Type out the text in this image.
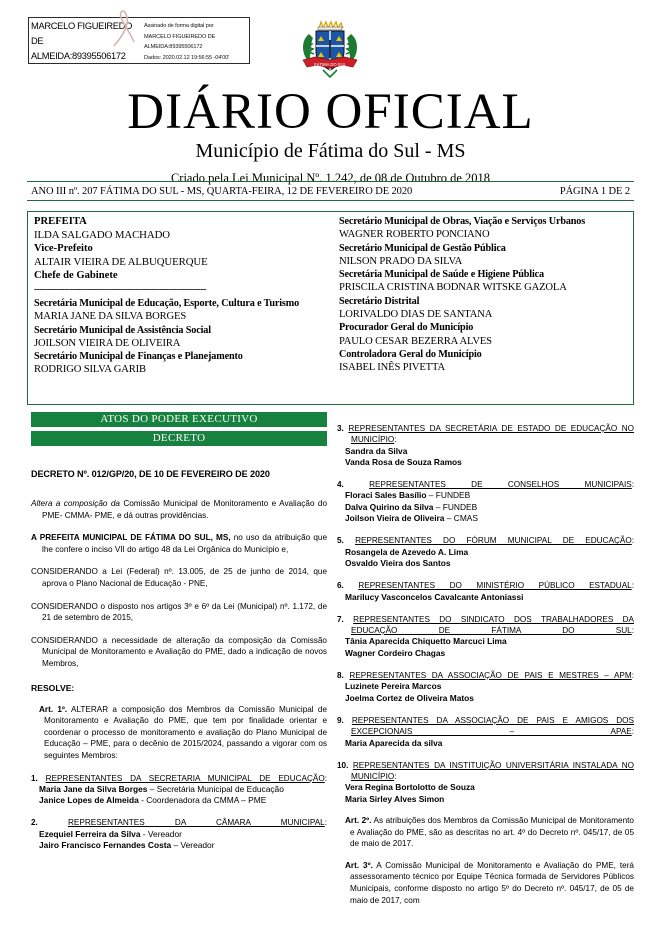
MARCELO FIGUEIREDO DE ALMEIDA:89395506172
Assinado de forma digital por
MARCELO FIGUEIREDO DE
ALMEIDA:89395506172
Dados: 2020.02.12 19:56:55 -04'00'
FÁTIMA DO SUL
DIÁRIO OFICIAL
Município de Fátima do Sul - MS
Criado pela Lei Municipal Nº. 1.242, de 08 de Outubro de 2018
ANO III nº. 207 FÁTIMA DO SUL - MS, QUARTA-FEIRA, 12 DE FEVEREIRO DE 2020	PÁGINA 1 DE 2
PREFEITA
ILDA SALGADO MACHADO
Vice-Prefeito
ALTAIR VIEIRA DE ALBUQUERQUE
Chefe de Gabinete
---------------------------------------------------------------
Secretária Municipal de Educação, Esporte, Cultura e Turismo
MARIA JANE DA SILVA BORGES
Secretário Municipal de Assistência Social
JOILSON VIEIRA DE OLIVEIRA
Secretário Municipal de Finanças e Planejamento
RODRIGO SILVA GARIB
Secretário Municipal de Obras, Viação e Serviços Urbanos
WAGNER ROBERTO PONCIANO
Secretário Municipal de Gestão Pública
NILSON PRADO DA SILVA
Secretária Municipal de Saúde e Higiene Pública
PRISCILA CRISTINA BODNAR WITSKE GAZOLA
Secretário Distrital
LORIVALDO DIAS DE SANTANA
Procurador Geral do Município
PAULO CESAR BEZERRA ALVES
Controladora Geral do Município
ISABEL INÊS PIVETTA
ATOS DO PODER EXECUTIVO
DECRETO
DECRETO Nº. 012/GP/20, DE 10 DE FEVEREIRO DE 2020
Altera a composição da Comissão Municipal de Monitoramento e Avaliação do PME- CMMA- PME, e dá outras providências.
A PREFEITA MUNICIPAL DE FÁTIMA DO SUL, MS, no uso da atribuição que lhe confere o inciso VII do artigo 48 da Lei Orgânica do Município e,
CONSIDERANDO a Lei (Federal) nº. 13.005, de 25 de junho de 2014, que aprova o Plano Nacional de Educação - PNE,
CONSIDERANDO o disposto nos artigos 3º e 6º da Lei (Municipal) nº. 1.172, de 21 de setembro de 2015,
CONSIDERANDO a necessidade de alteração da composição da Comissão Municipal de Monitoramento e Avaliação do PME, dado a indicação de novos Membros,
RESOLVE:
Art. 1º. ALTERAR a composição dos Membros da Comissão Municipal de Monitoramento e Avaliação do PME, que tem por finalidade orientar e coordenar o processo de monitoramento e avaliação do Plano Municipal de Educação – PME, para o decênio de 2015/2024, passando a vigorar com os seguintes Membros:
1. REPRESENTANTES DA SECRETARIA MUNICIPAL DE EDUCAÇÃO:
Maria Jane da Silva Borges – Secretária Municipal de Educação
Janice Lopes de Almeida - Coordenadora da CMMA – PME
2. REPRESENTANTES DA CÂMARA MUNICIPAL:
Ezequiel Ferreira da Silva - Vereador
Jairo Francisco Fernandes Costa – Vereador
3. REPRESENTANTES DA SECRETÁRIA DE ESTADO DE EDUCAÇÃO NO MUNICÍPIO:
Sandra da Silva
Vanda Rosa de Souza Ramos
4. REPRESENTANTES DE CONSELHOS MUNICIPAIS:
Floraci Sales Basílio – FUNDEB
Dalva Quirino da Silva – FUNDEB
Joilson Vieira de Oliveira – CMAS
5. REPRESENTANTES DO FÓRUM MUNICIPAL DE EDUCAÇÃO:
Rosangela de Azevedo A. Lima
Osvaldo Vieira dos Santos
6. REPRESENTANTES DO MINISTÉRIO PÚBLICO ESTADUAL:
Marilucy Vasconcelos Cavalcante Antoniassi
7. REPRESENTANTES DO SINDICATO DOS TRABALHADORES DA EDUCAÇÃO DE FÁTIMA DO SUL:
Tânia Aparecida Chiquetto Marcuci Lima
Wagner Cordeiro Chagas
8. REPRESENTANTES DA ASSOCIAÇÃO DE PAIS E MESTRES – APM:
Luzinete Pereira Marcos
Joelma Cortez de Oliveira Matos
9. REPRESENTANTES DA ASSOCIAÇÃO DE PAIS E AMIGOS DOS EXCEPCIONAIS – APAE:
Maria Aparecida da silva
10. REPRESENTANTES DA INSTITUIÇÃO UNIVERSITÁRIA INSTALADA NO MUNICÍPIO:
Vera Regina Bortolotto de Souza
Maria Sirley Alves Simon
Art. 2º. As atribuições dos Membros da Comissão Municipal de Monitoramento e Avaliação do PME, são as descritas no art. 4º do Decreto nº. 045/17, de 05 de maio de 2017.
Art. 3º. A Comissão Municipal de Monitoramento e Avaliação do PME, terá assessoramento técnico por Equipe Técnica formada de Servidores Públicos Municipais, conforme disposto no artigo 5º do Decreto nº. 045/17, de 05 de maio de 2017, com
